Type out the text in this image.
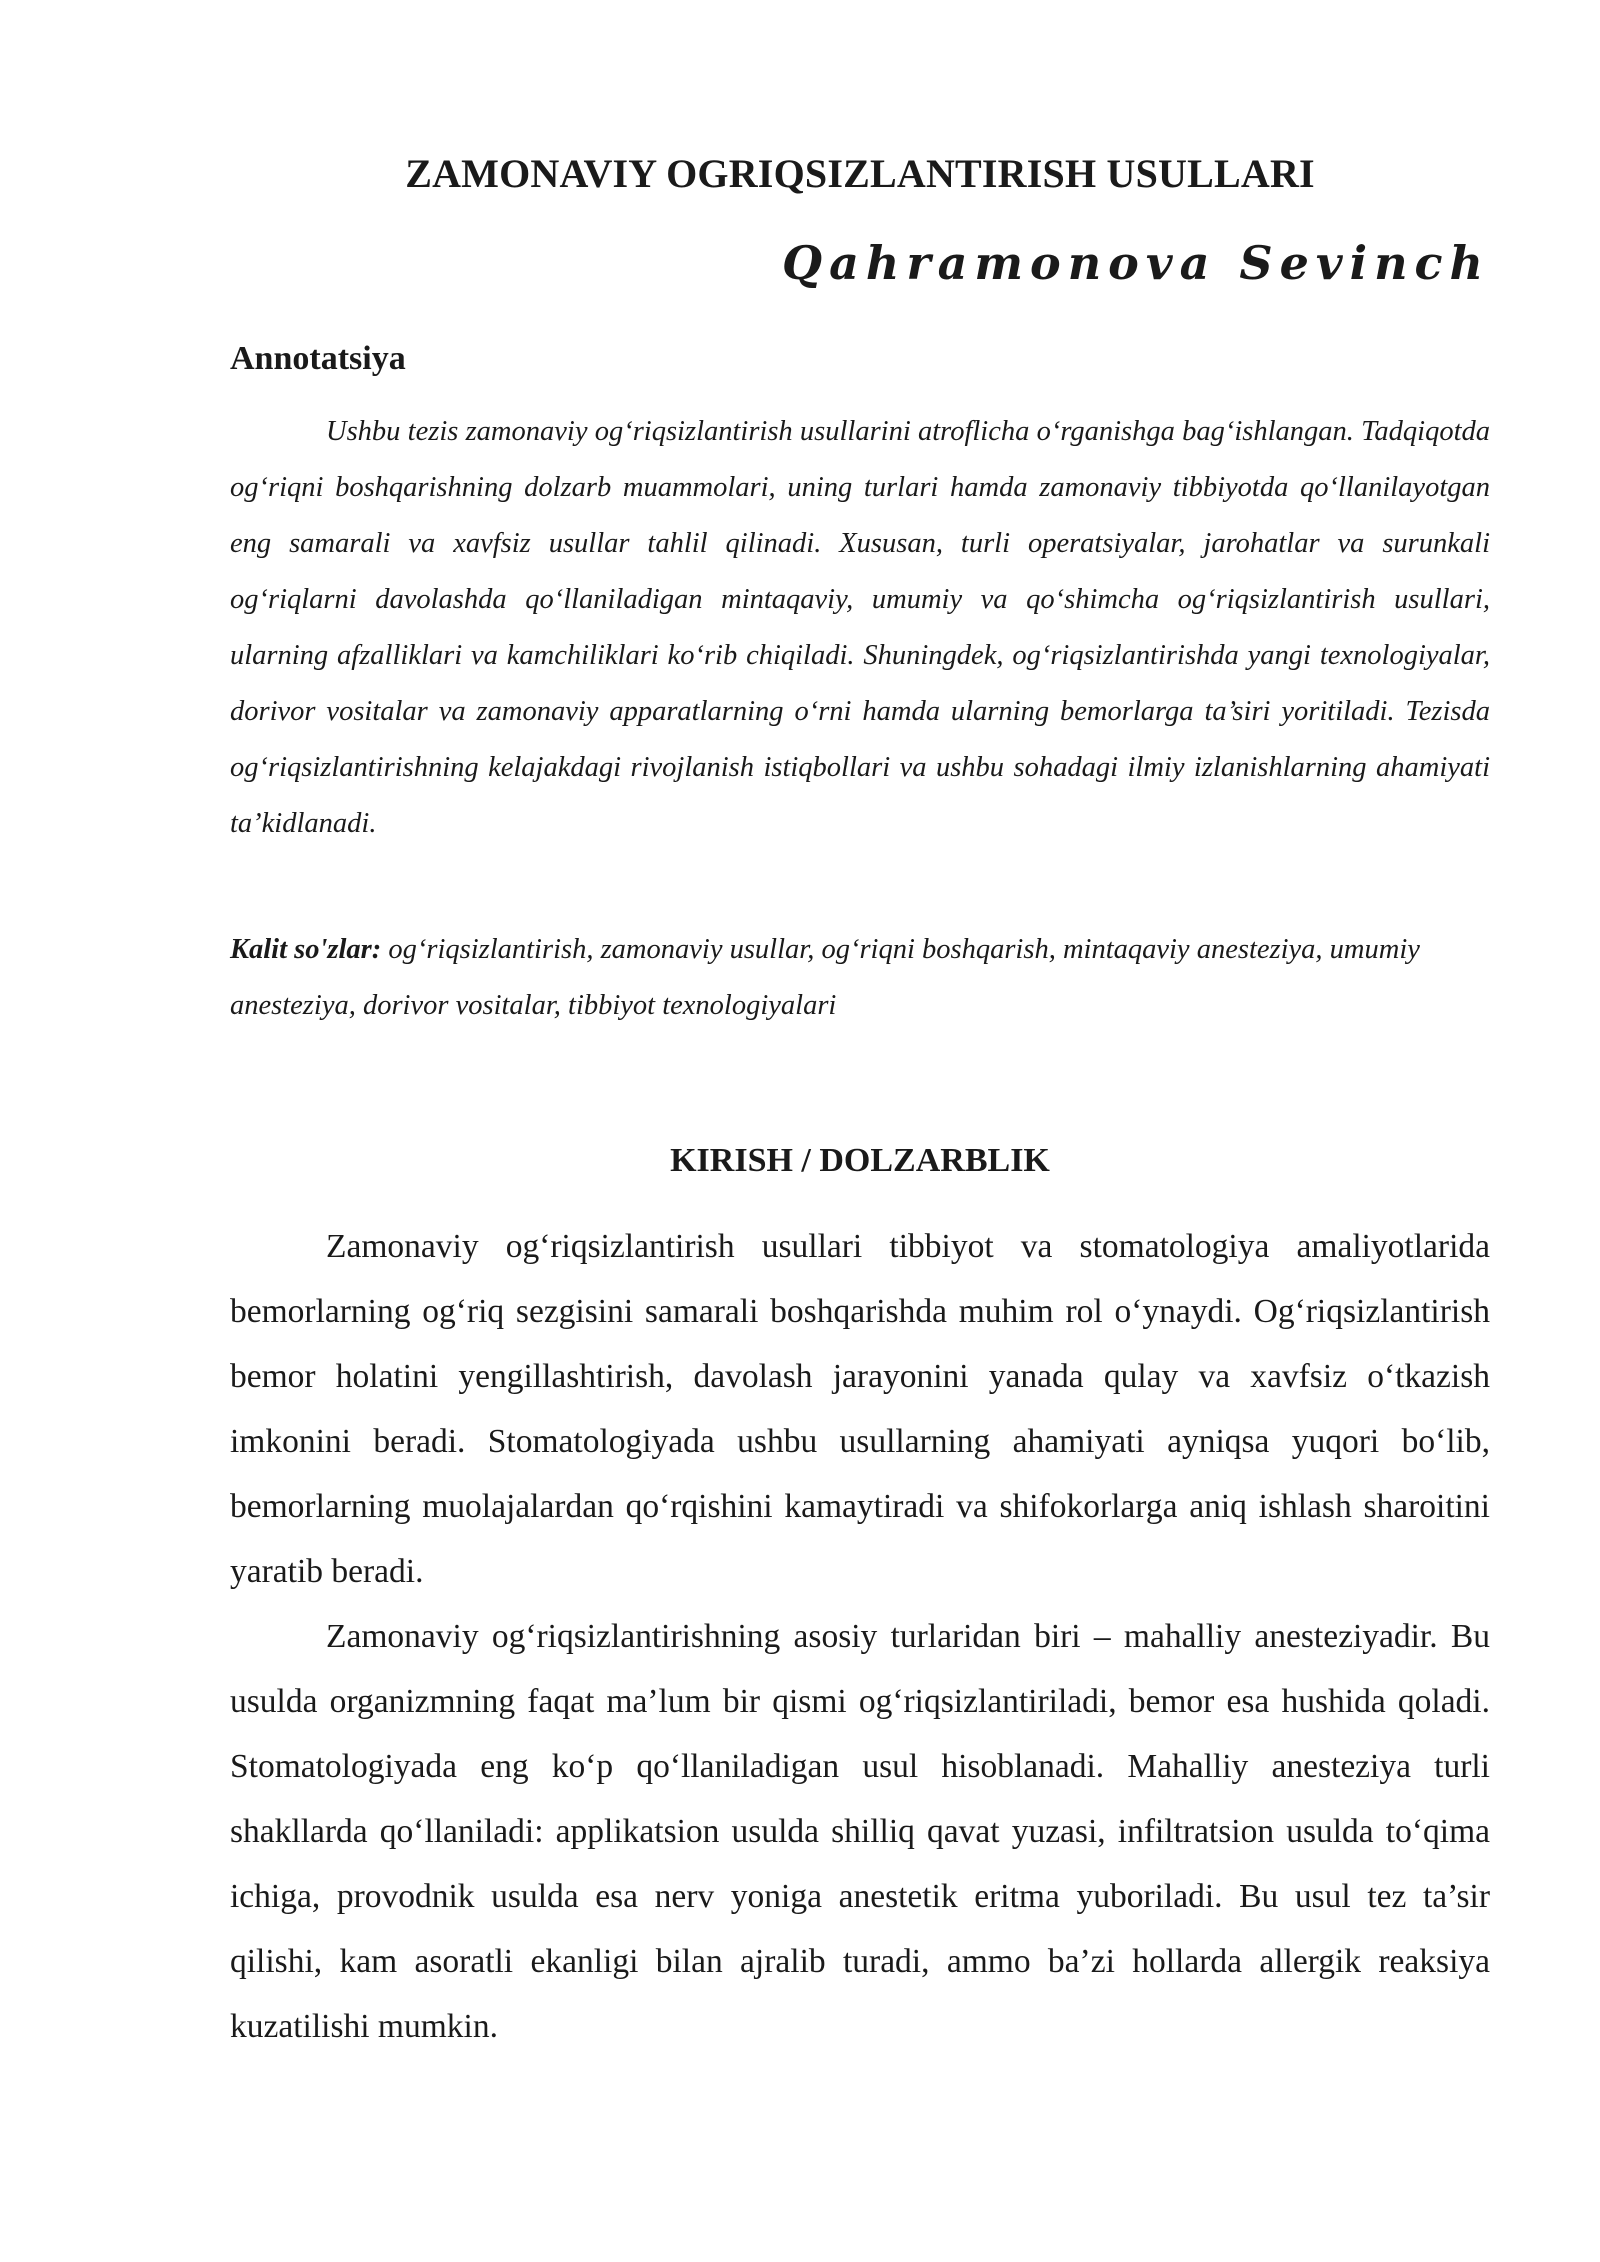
ZAMONAVIY OGRIQSIZLANTIRISH USULLARI
Qahramonova Sevinch
Annotatsiya

Ushbu tezis zamonaviy og‘riqsizlantirish usullarini atroflicha o‘rganishga bag‘ishlangan. Tadqiqotda og‘riqni boshqarishning dolzarb muammolari, uning turlari hamda zamonaviy tibbiyotda qo‘llanilayotgan eng samarali va xavfsiz usullar tahlil qilinadi. Xususan, turli operatsiyalar, jarohatlar va surunkali og‘riqlarni davolashda qo‘llaniladigan mintaqaviy, umumiy va qo‘shimcha og‘riqsizlantirish usullari, ularning afzalliklari va kamchiliklari ko‘rib chiqiladi. Shuningdek, og‘riqsizlantirishda yangi texnologiyalar, dorivor vositalar va zamonaviy apparatlarning o‘rni hamda ularning bemorlarga ta’siri yoritiladi. Tezisda og‘riqsizlantirishning kelajakdagi rivojlanish istiqbollari va ushbu sohadagi ilmiy izlanishlarning ahamiyati ta’kidlanadi.

Kalit so'zlar: og‘riqsizlantirish, zamonaviy usullar, og‘riqni boshqarish, mintaqaviy anesteziya, umumiy anesteziya, dorivor vositalar, tibbiyot texnologiyalari

KIRISH / DOLZARBLIK

Zamonaviy og‘riqsizlantirish usullari tibbiyot va stomatologiya amaliyotlarida bemorlarning og‘riq sezgisini samarali boshqarishda muhim rol o‘ynaydi. Og‘riqsizlantirish bemor holatini yengillashtirish, davolash jarayonini yanada qulay va xavfsiz o‘tkazish imkonini beradi. Stomatologiyada ushbu usullarning ahamiyati ayniqsa yuqori bo‘lib, bemorlarning muolajalardan qo‘rqishini kamaytiradi va shifokorlarga aniq ishlash sharoitini yaratib beradi.

Zamonaviy og‘riqsizlantirishning asosiy turlaridan biri – mahalliy anesteziyadir. Bu usulda organizmning faqat ma’lum bir qismi og‘riqsizlantiriladi, bemor esa hushida qoladi. Stomatologiyada eng ko‘p qo‘llaniladigan usul hisoblanadi. Mahalliy anesteziya turli shakllarda qo‘llaniladi: applikatsion usulda shilliq qavat yuzasi, infiltratsion usulda to‘qima ichiga, provodnik usulda esa nerv yoniga anestetik eritma yuboriladi. Bu usul tez ta’sir qilishi, kam asoratli ekanligi bilan ajralib turadi, ammo ba’zi hollarda allergik reaksiya kuzatilishi mumkin.
